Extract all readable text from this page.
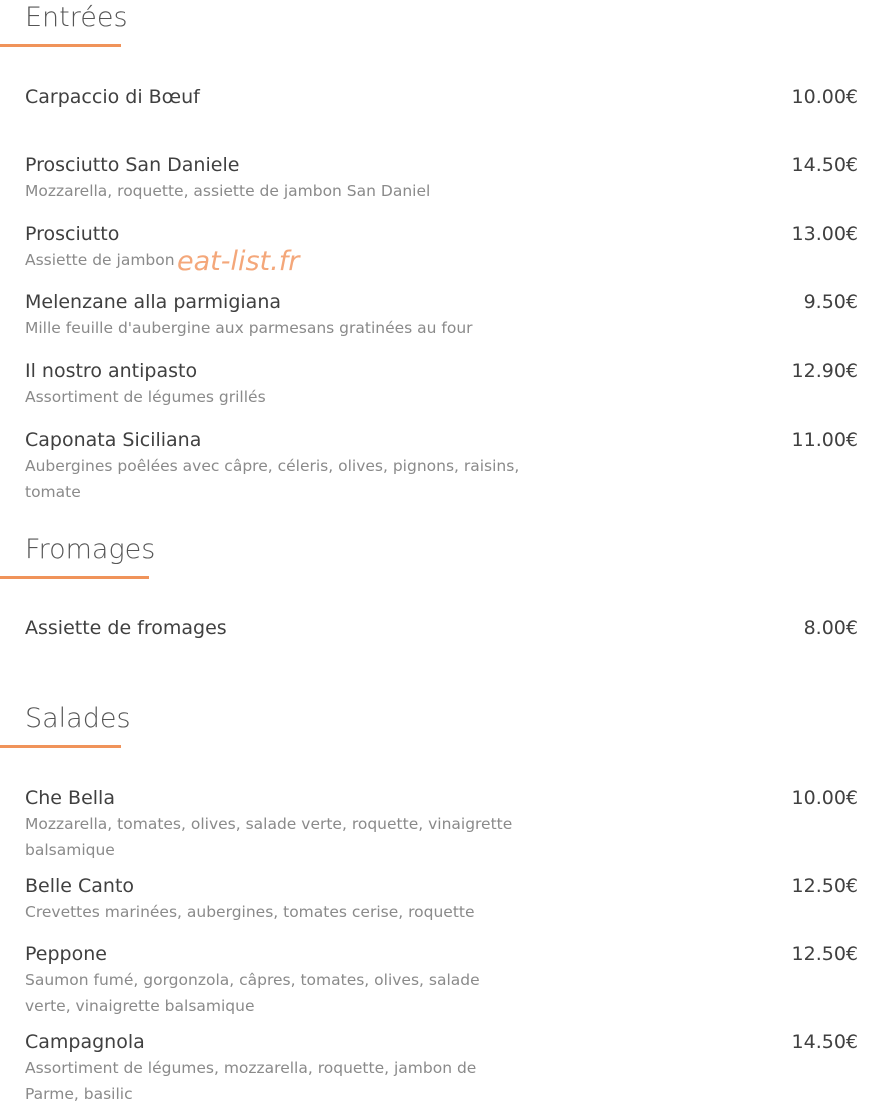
Entrées
Carpaccio di Bœuf	10.00€
Prosciutto San Daniele
Mozzarella, roquette, assiette de jambon San Daniel
14.50€
Prosciutto
Assiette de jambon
13.00€
Melenzane alla parmigiana
Mille feuille d'aubergine aux parmesans gratinées au four
9.50€
Il nostro antipasto
Assortiment de légumes grillés
12.90€
Caponata Siciliana
Aubergines poêlées avec câpre, céleris, olives, pignons, raisins, tomate
11.00€
Fromages
Assiette de fromages	8.00€
Salades
Che Bella
Mozzarella, tomates, olives, salade verte, roquette, vinaigrette balsamique
10.00€
Belle Canto
Crevettes marinées, aubergines, tomates cerise, roquette
12.50€
Peppone
Saumon fumé, gorgonzola, câpres, tomates, olives, salade verte, vinaigrette balsamique
12.50€
Campagnola
Assortiment de légumes, mozzarella, roquette, jambon de Parme, basilic
14.50€
eat-list.fr
